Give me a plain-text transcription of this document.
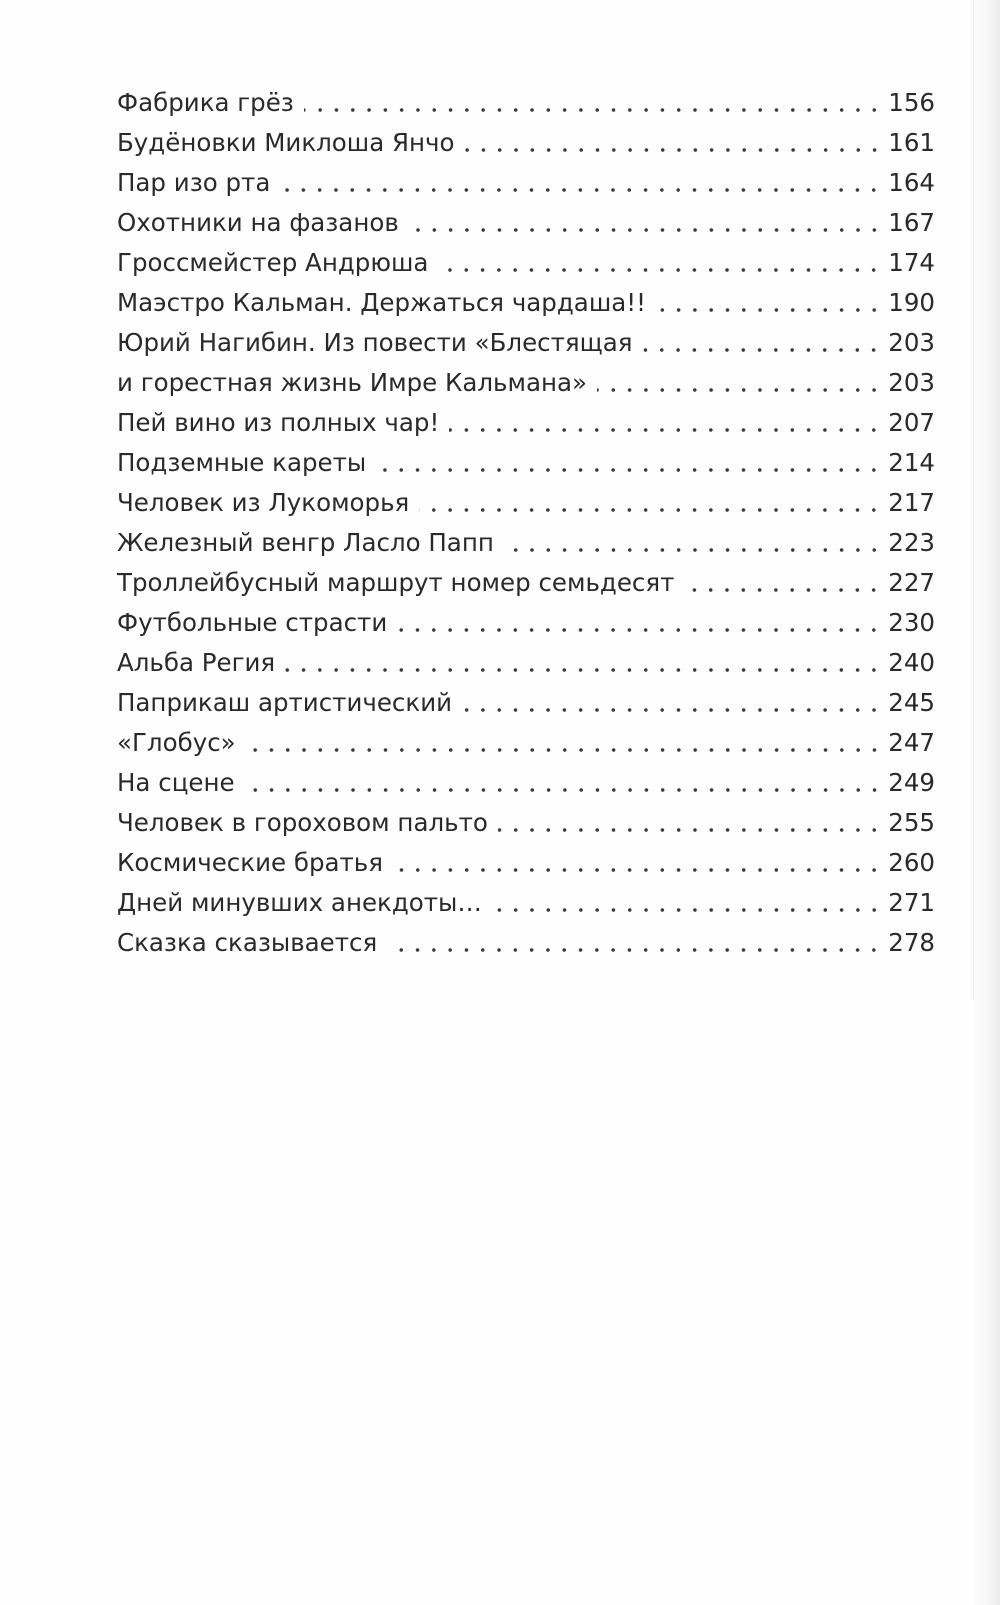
Фабрика грёз	156
Будёновки Миклоша Янчо	161
Пар изо рта	164
Охотники на фазанов	167
Гроссмейстер Андрюша	174
Маэстро Кальман. Держаться чардаша!!	190
Юрий Нагибин. Из повести «Блестящая	203
и горестная жизнь Имре Кальмана»	203
Пей вино из полных чар!	207
Подземные кареты	214
Человек из Лукоморья	217
Железный венгр Ласло Папп	223
Троллейбусный маршрут номер семьдесят	227
Футбольные страсти	230
Альба Регия	240
Паприкаш артистический	245
«Глобус»	247
На сцене	249
Человек в гороховом пальто	255
Космические братья	260
Дней минувших анекдоты…	271
Сказка сказывается	278
